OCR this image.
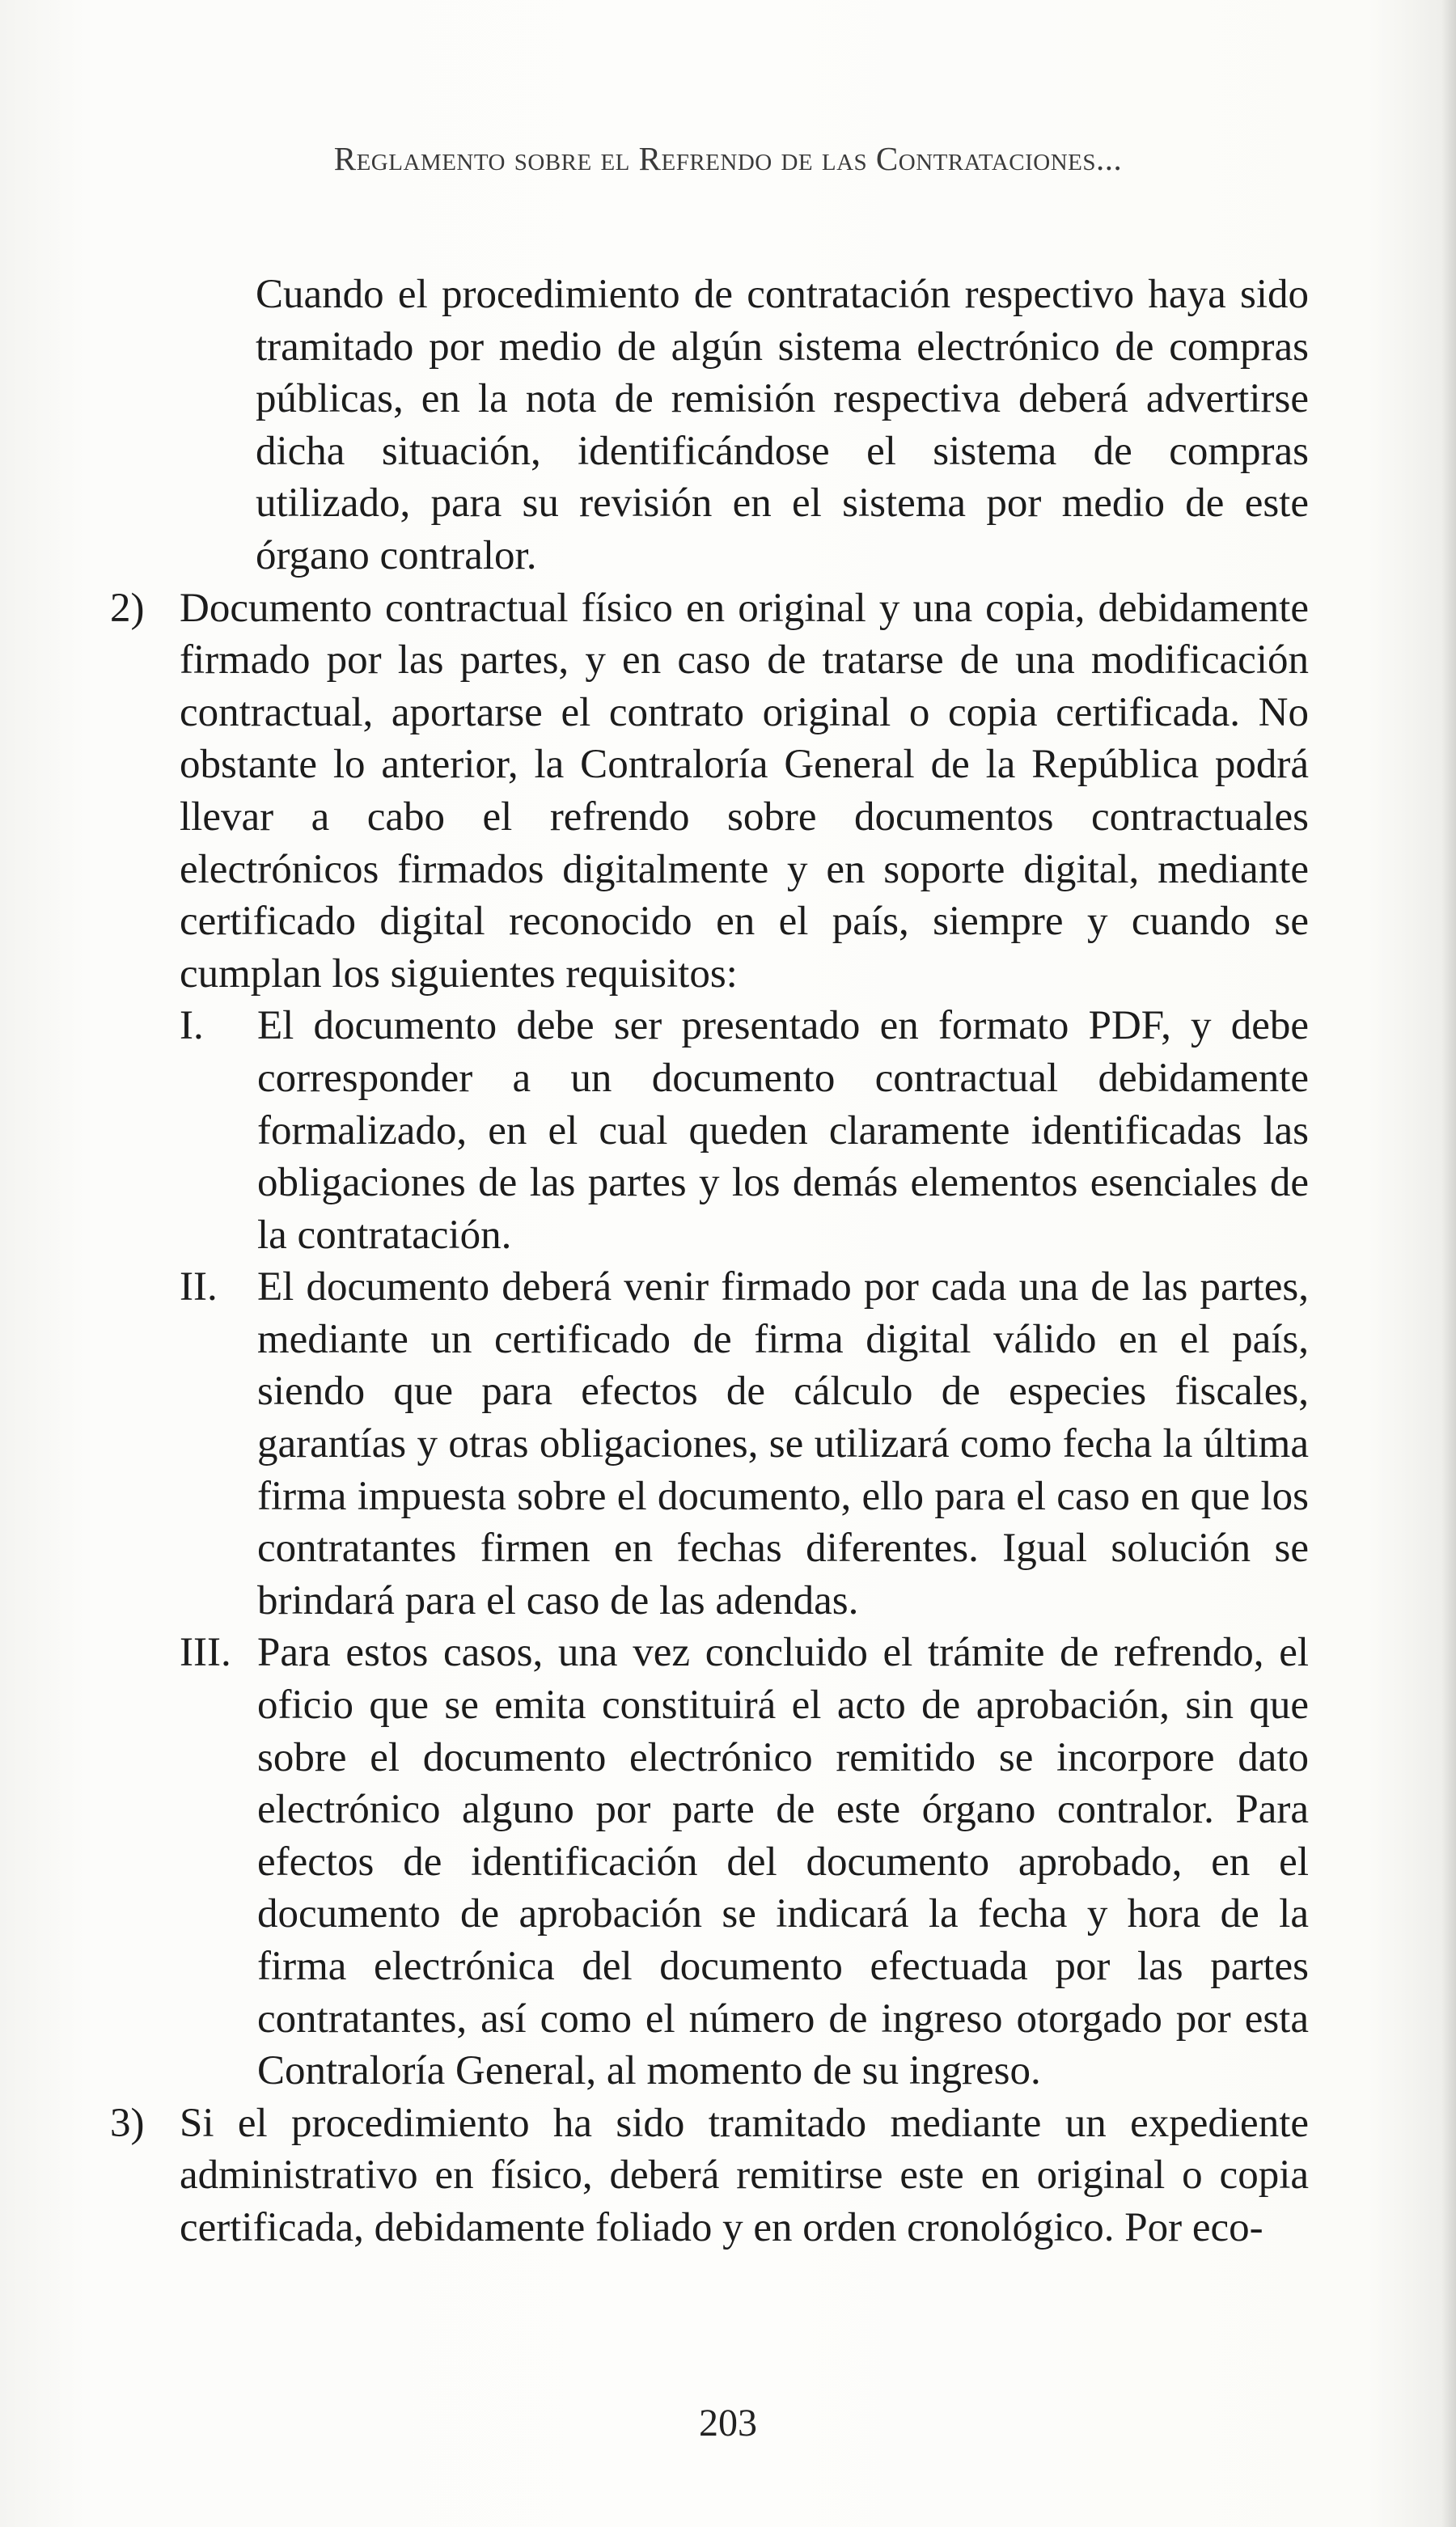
Reglamento sobre el Refrendo de las Contrataciones...

Cuando el procedimiento de contratación respectivo haya sido tramitado por medio de algún sistema electrónico de compras públicas, en la nota de remisión respectiva deberá advertirse dicha situación, identificándose el sistema de compras utilizado, para su revisión en el sistema por medio de este órgano contralor.

2) Documento contractual físico en original y una copia, debidamente firmado por las partes, y en caso de tratarse de una modificación contractual, aportarse el contrato original o copia certificada. No obstante lo anterior, la Contraloría General de la República podrá llevar a cabo el refrendo sobre documentos contractuales electrónicos firmados digitalmente y en soporte digital, mediante certificado digital reconocido en el país, siempre y cuando se cumplan los siguientes requisitos:

I.	El documento debe ser presentado en formato PDF, y debe corresponder a un documento contractual debidamente formalizado, en el cual queden claramente identificadas las obligaciones de las partes y los demás elementos esenciales de la contratación.
II. El documento deberá venir firmado por cada una de las partes, mediante un certificado de firma digital válido en el país, siendo que para efectos de cálculo de especies fiscales, garantías y otras obligaciones, se utilizará como fecha la última firma impuesta sobre el documento, ello para el caso en que los contratantes firmen en fechas diferentes. Igual solución se brindará para el caso de las adendas.
III. Para estos casos, una vez concluido el trámite de refrendo, el oficio que se emita constituirá el acto de aprobación, sin que sobre el documento electrónico remitido se incorpore dato electrónico alguno por parte de este órgano contralor. Para efectos de identificación del documento aprobado, en el documento de aprobación se indicará la fecha y hora de la firma electrónica del documento efectuada por las partes contratantes, así como el número de ingreso otorgado por esta Contraloría General, al momento de su ingreso.
3) Si el procedimiento ha sido tramitado mediante un expediente administrativo en físico, deberá remitirse este en original o copia certificada, debidamente foliado y en orden cronológico. Por eco-

203
